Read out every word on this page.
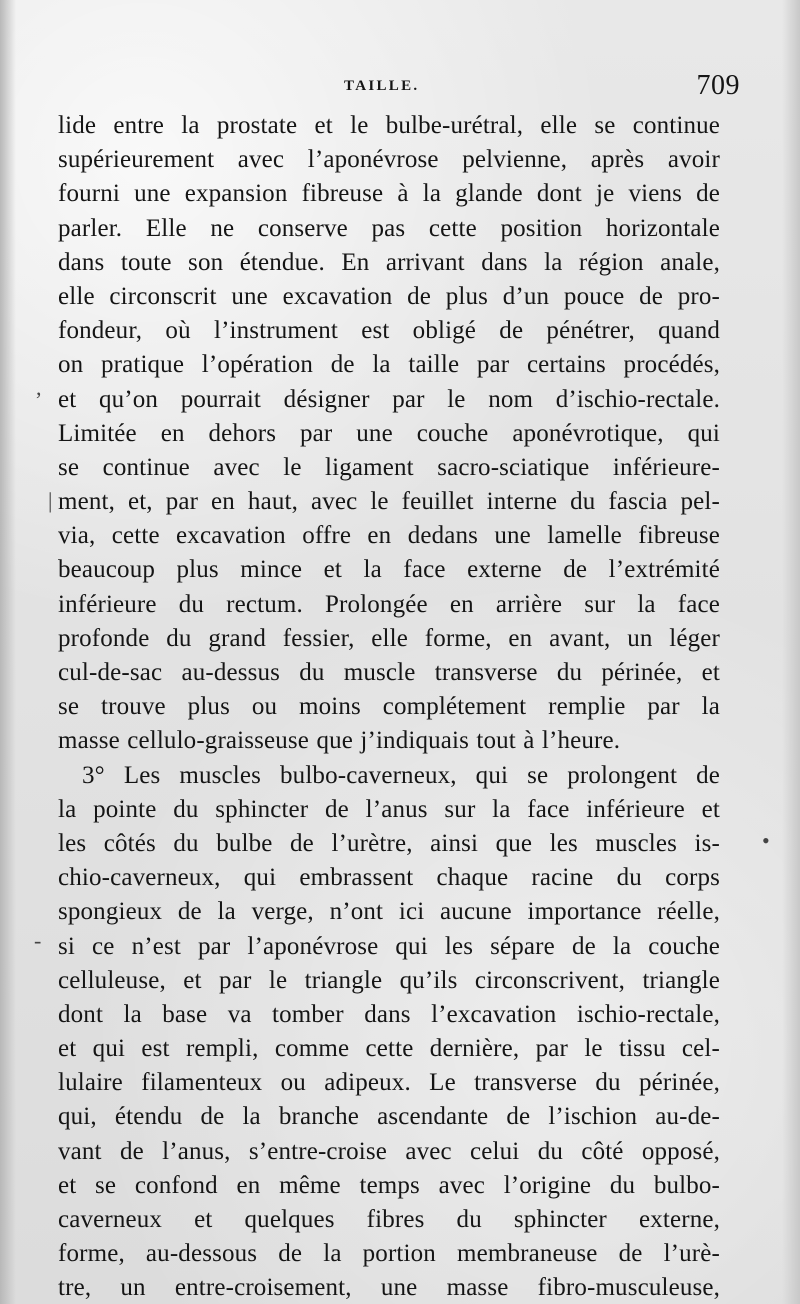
TAILLE.	709
lide entre la prostate et le bulbe-urétral, elle se continue
supérieurement avec l’aponévrose pelvienne, après avoir
fourni une expansion fibreuse à la glande dont je viens de
parler. Elle ne conserve pas cette position horizontale
dans toute son étendue. En arrivant dans la région anale,
elle circonscrit une excavation de plus d’un pouce de pro-
fondeur, où l’instrument est obligé de pénétrer, quand
on pratique l’opération de la taille par certains procédés,
et qu’on pourrait désigner par le nom d’ischio-rectale.
Limitée en dehors par une couche aponévrotique, qui
se continue avec le ligament sacro-sciatique inférieure-
ment, et, par en haut, avec le feuillet interne du fascia pel-
via, cette excavation offre en dedans une lamelle fibreuse
beaucoup plus mince et la face externe de l’extrémité
inférieure du rectum. Prolongée en arrière sur la face
profonde du grand fessier, elle forme, en avant, un léger
cul-de-sac au-dessus du muscle transverse du périnée, et
se trouve plus ou moins complétement remplie par la
masse cellulo-graisseuse que j’indiquais tout à l’heure.
3° Les muscles bulbo-caverneux, qui se prolongent de
la pointe du sphincter de l’anus sur la face inférieure et
les côtés du bulbe de l’urètre, ainsi que les muscles is-
chio-caverneux, qui embrassent chaque racine du corps
spongieux de la verge, n’ont ici aucune importance réelle,
si ce n’est par l’aponévrose qui les sépare de la couche
celluleuse, et par le triangle qu’ils circonscrivent, triangle
dont la base va tomber dans l’excavation ischio-rectale,
et qui est rempli, comme cette dernière, par le tissu cel-
lulaire filamenteux ou adipeux. Le transverse du périnée,
qui, étendu de la branche ascendante de l’ischion au-de-
vant de l’anus, s’entre-croise avec celui du côté opposé,
et se confond en même temps avec l’origine du bulbo-
caverneux et quelques fibres du sphincter externe,
forme, au-dessous de la portion membraneuse de l’urè-
tre, un entre-croisement, une masse fibro-musculeuse,
,
|
•
-
